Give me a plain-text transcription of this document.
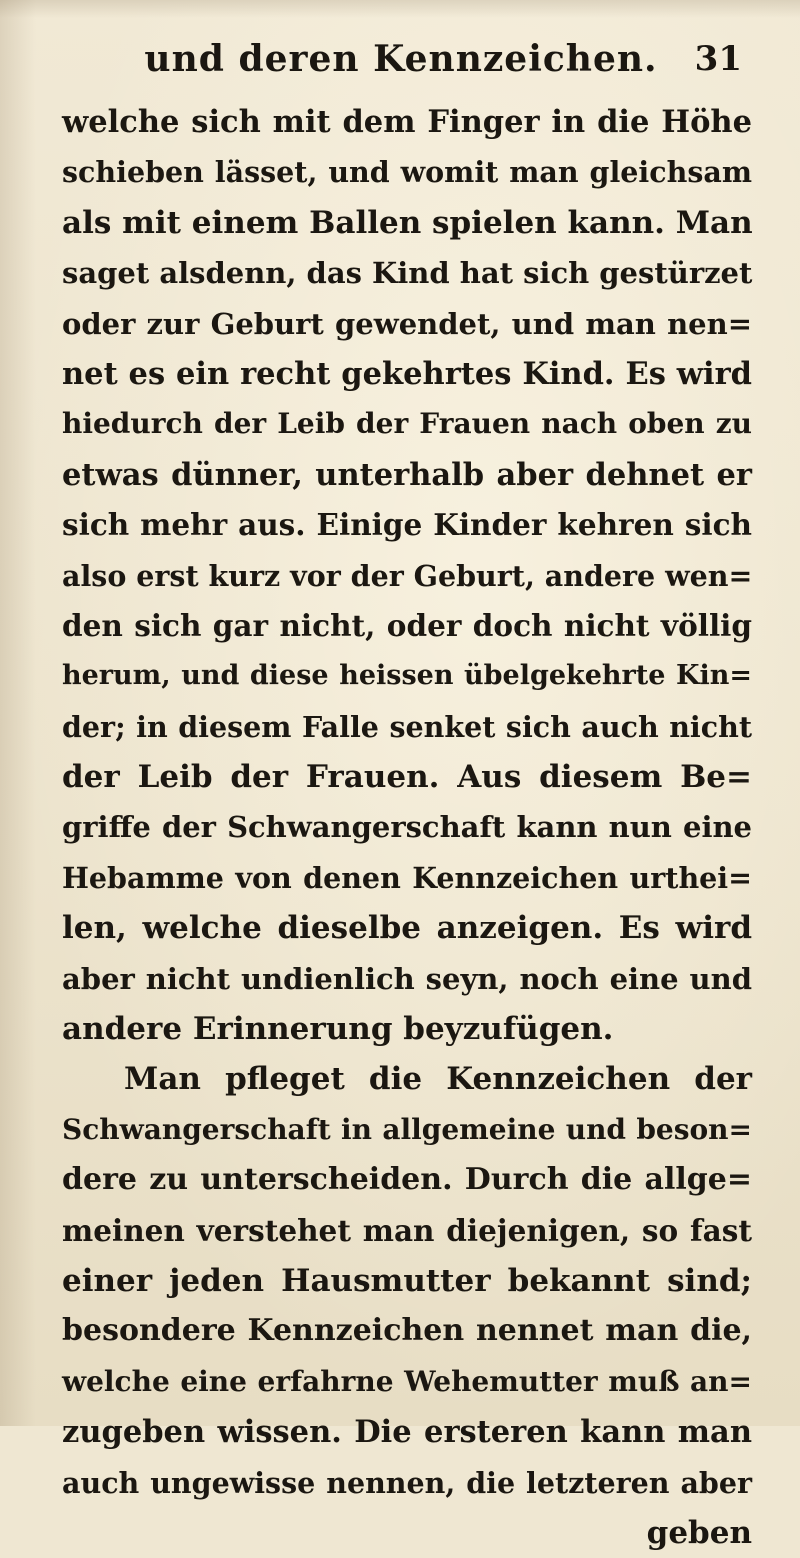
und deren Kennzeichen.	31
welche sich mit dem Finger in die Höhe
schieben lässet, und womit man gleichsam
als mit einem Ballen spielen kann. Man
saget alsdenn, das Kind hat sich gestürzet
oder zur Geburt gewendet, und man nen=
net es ein recht gekehrtes Kind. Es wird
hiedurch der Leib der Frauen nach oben zu
etwas dünner, unterhalb aber dehnet er
sich mehr aus. Einige Kinder kehren sich
also erst kurz vor der Geburt, andere wen=
den sich gar nicht, oder doch nicht völlig
herum, und diese heissen übelgekehrte Kin=
der; in diesem Falle senket sich auch nicht
der Leib der Frauen. Aus diesem Be=
griffe der Schwangerschaft kann nun eine
Hebamme von denen Kennzeichen urthei=
len, welche dieselbe anzeigen. Es wird
aber nicht undienlich seyn, noch eine und
andere Erinnerung beyzufügen.
Man pfleget die Kennzeichen der
Schwangerschaft in allgemeine und beson=
dere zu unterscheiden. Durch die allge=
meinen verstehet man diejenigen, so fast
einer jeden Hausmutter bekannt sind;
besondere Kennzeichen nennet man die,
welche eine erfahrne Wehemutter muß an=
zugeben wissen. Die ersteren kann man
auch ungewisse nennen, die letzteren aber
geben
